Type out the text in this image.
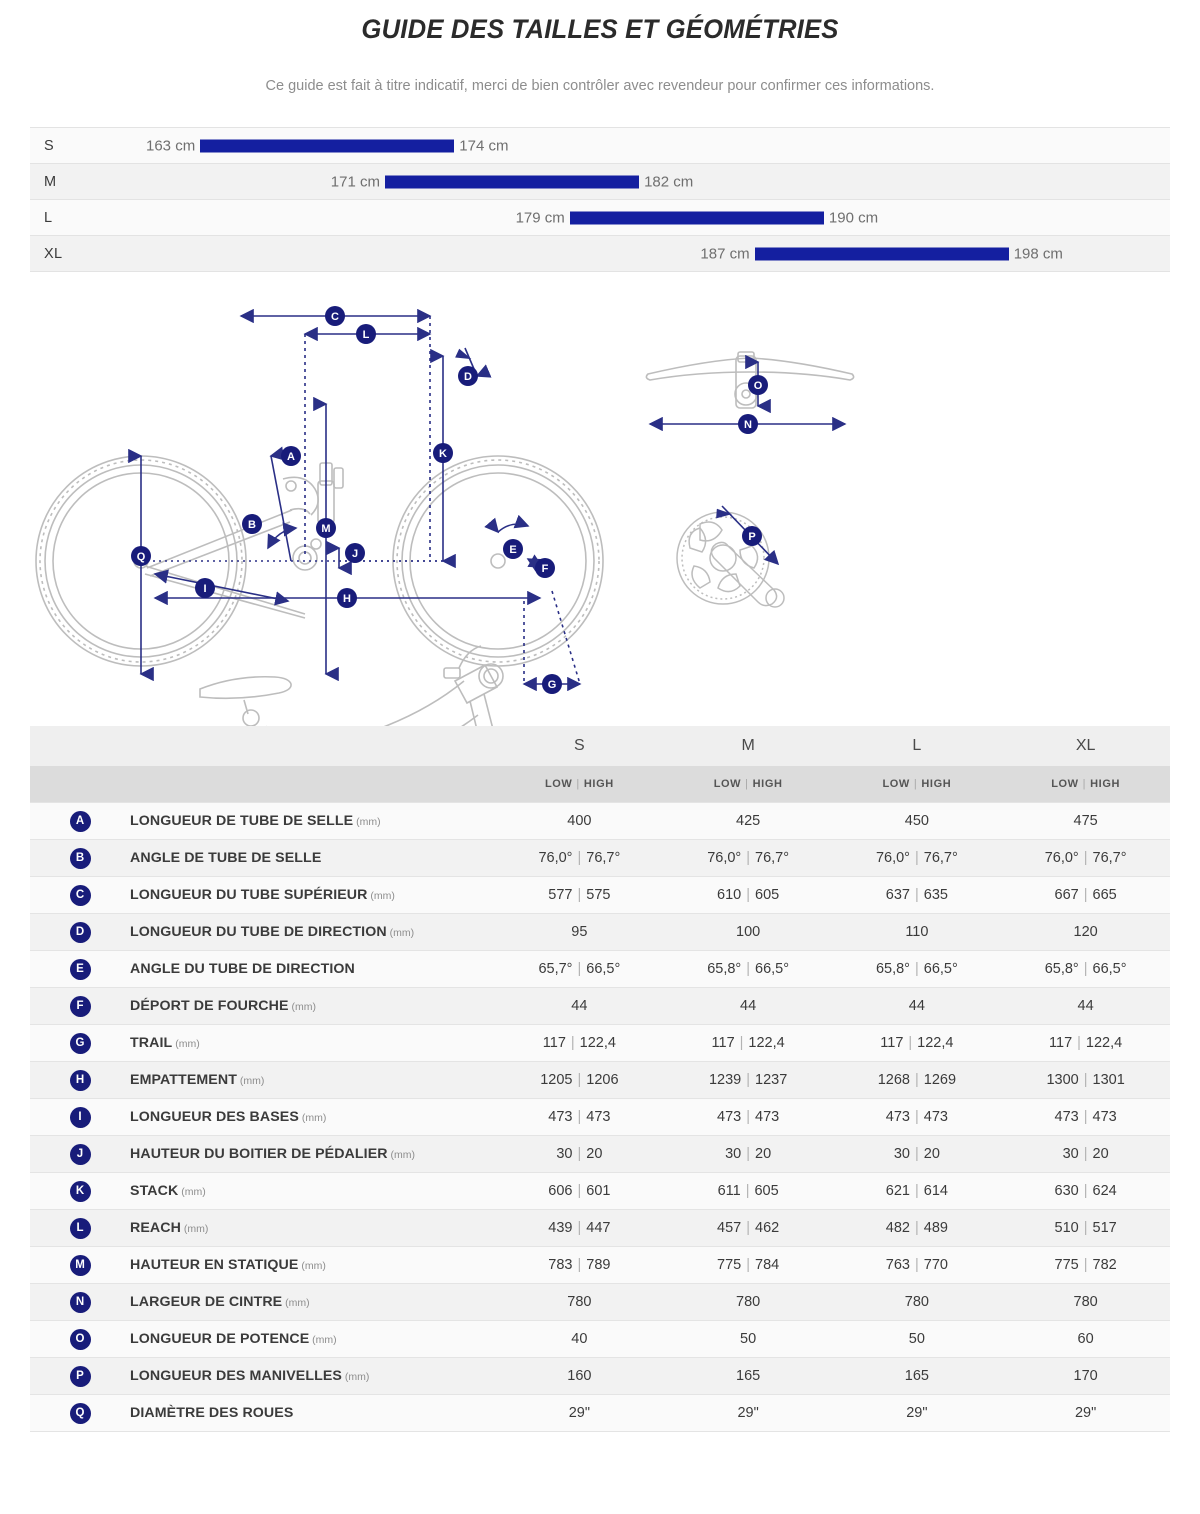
GUIDE DES TAILLES ET GÉOMÉTRIES

Ce guide est fait à titre indicatif, merci de bien contrôler avec revendeur pour confirmer ces informations.

S	163 cm	174 cm
M	171 cm	182 cm
L	179 cm	190 cm
XL	187 cm	198 cm
A
B
C
D
E
F
G
H
I
J
K
L
M
N
O
P
Q
		S	M	L	XL
		LOW | HIGH	LOW | HIGH	LOW | HIGH	LOW | HIGH
A	LONGUEUR DE TUBE DE SELLE (mm)	400	425	450	475
B	ANGLE DE TUBE DE SELLE	76,0° | 76,7°	76,0° | 76,7°	76,0° | 76,7°	76,0° | 76,7°
C	LONGUEUR DU TUBE SUPÉRIEUR (mm)	577 | 575	610 | 605	637 | 635	667 | 665
D	LONGUEUR DU TUBE DE DIRECTION (mm)	95	100	110	120
E	ANGLE DU TUBE DE DIRECTION	65,7° | 66,5°	65,8° | 66,5°	65,8° | 66,5°	65,8° | 66,5°
F	DÉPORT DE FOURCHE (mm)	44	44	44	44
G	TRAIL (mm)	117 | 122,4	117 | 122,4	117 | 122,4	117 | 122,4
H	EMPATTEMENT (mm)	1205 | 1206	1239 | 1237	1268 | 1269	1300 | 1301
I	LONGUEUR DES BASES (mm)	473 | 473	473 | 473	473 | 473	473 | 473
J	HAUTEUR DU BOITIER DE PÉDALIER (mm)	30 | 20	30 | 20	30 | 20	30 | 20
K	STACK (mm)	606 | 601	611 | 605	621 | 614	630 | 624
L	REACH (mm)	439 | 447	457 | 462	482 | 489	510 | 517
M	HAUTEUR EN STATIQUE (mm)	783 | 789	775 | 784	763 | 770	775 | 782
N	LARGEUR DE CINTRE (mm)	780	780	780	780
O	LONGUEUR DE POTENCE (mm)	40	50	50	60
P	LONGUEUR DES MANIVELLES (mm)	160	165	165	170
Q	DIAMÈTRE DES ROUES	29"	29"	29"	29"
